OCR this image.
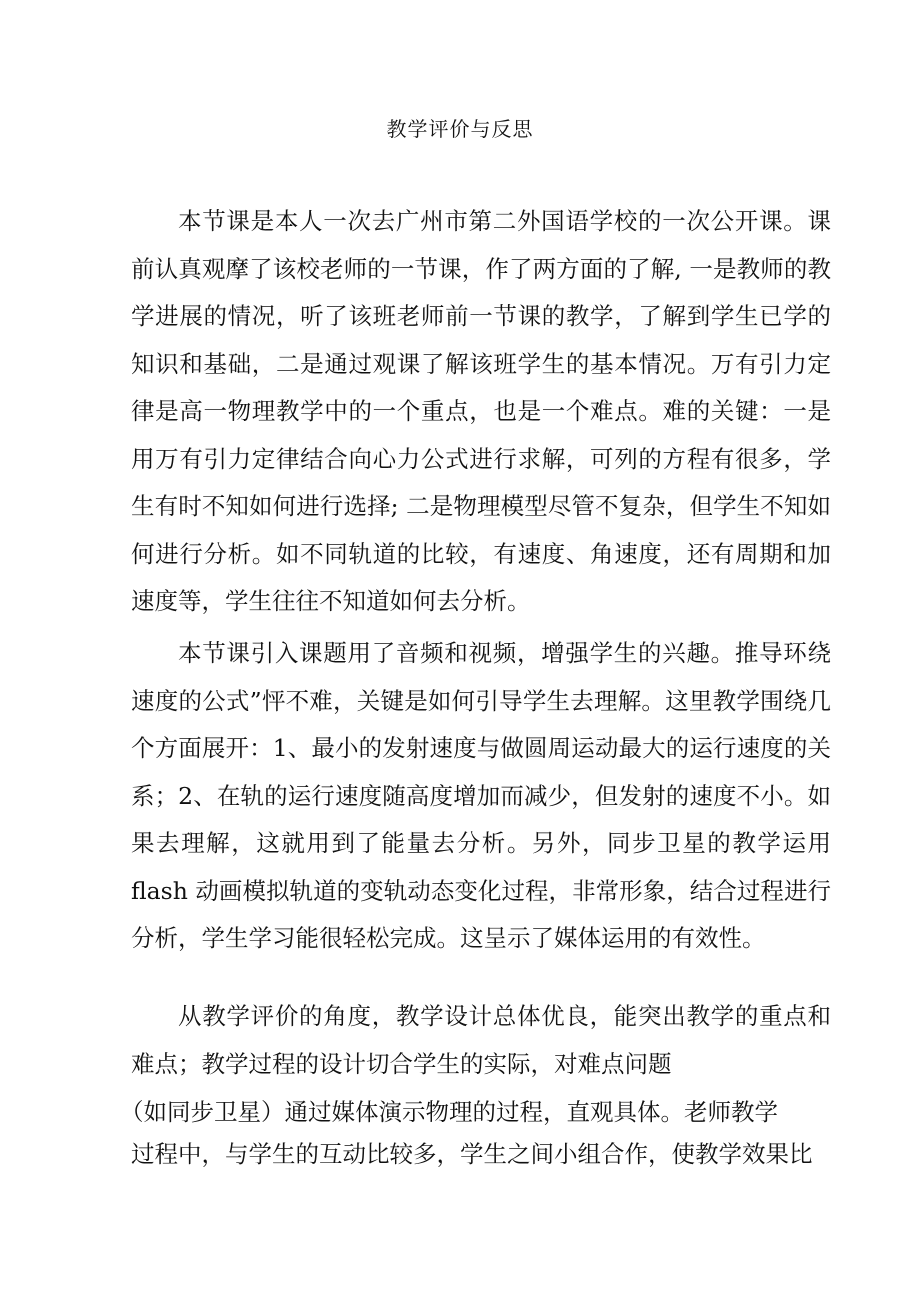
教学评价与反思

本节课是本人一次去广州市第二外国语学校的一次公开课。课前认真观摩了该校老师的一节课，作了两方面的了解, 一是教师的教学进展的情况，听了该班老师前一节课的教学，了解到学生已学的知识和基础，二是通过观课了解该班学生的基本情况。万有引力定律是高一物理教学中的一个重点，也是一个难点。难的关键：一是用万有引力定律结合向心力公式进行求解，可列的方程有很多，学生有时不知如何进行选择; 二是物理模型尽管不复杂，但学生不知如何进行分析。如不同轨道的比较，有速度、角速度，还有周期和加速度等，学生往往不知道如何去分析。

本节课引入课题用了音频和视频，增强学生的兴趣。推导环绕速度的公式”怦不难，关键是如何引导学生去理解。这里教学围绕几个方面展开：1、最小的发射速度与做圆周运动最大的运行速度的关系；2、在轨的运行速度随高度增加而减少，但发射的速度不小。如果去理解，这就用到了能量去分析。另外，同步卫星的教学运用 flash 动画模拟轨道的变轨动态变化过程，非常形象，结合过程进行分析，学生学习能很轻松完成。这呈示了媒体运用的有效性。

从教学评价的角度，教学设计总体优良，能突出教学的重点和难点；教学过程的设计切合学生的实际，对难点问题

（如同步卫星）通过媒体演示物理的过程，直观具体。老师教学
过程中，与学生的互动比较多，学生之间小组合作，使教学效果比
